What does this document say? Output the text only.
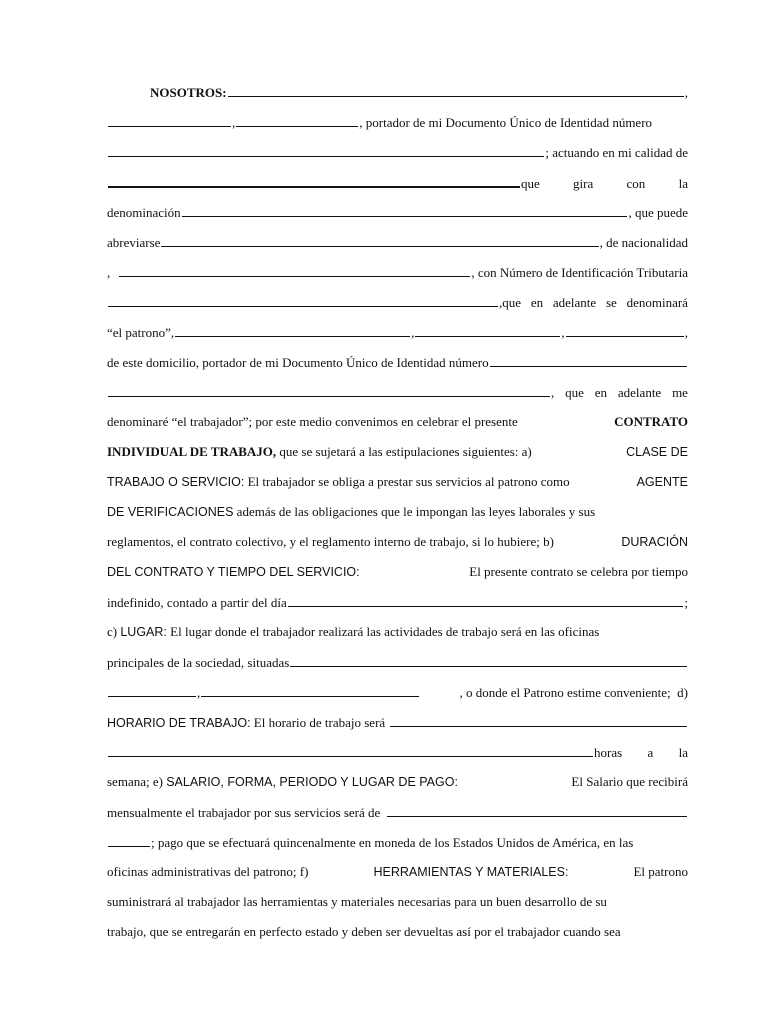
NOSOTROS:	,
,	, portador de mi Documento Único de Identidad número
; actuando en mi calidad de
que	gira	con	la
denominación	, que puede
abreviarse	, de nacionalidad
,	, con Número de Identificación Tributaria
,que en adelante se denominará
“el patrono”,	,	,	,
de este domicilio, portador de mi Documento Único de Identidad número
, que en adelante me
denominaré “el trabajador”; por este medio convenimos en celebrar el presente	CONTRATO
INDIVIDUAL DE TRABAJO, que se sujetará a las estipulaciones siguientes: a)	CLASE DE
TRABAJO O SERVICIO: El trabajador se obliga a prestar sus servicios al patrono como	AGENTE
DE VERIFICACIONES además de las obligaciones que le impongan las leyes laborales y sus
reglamentos, el contrato colectivo, y el reglamento interno de trabajo, si lo hubiere; b)	DURACIÓN
DEL CONTRATO Y TIEMPO DEL SERVICIO:	El presente contrato se celebra por tiempo
indefinido, contado a partir del día	;
c) LUGAR: El lugar donde el trabajador realizará las actividades de trabajo será en las oficinas
principales de la sociedad, situadas
,	, o donde el Patrono estime conveniente;  d)
HORARIO DE TRABAJO: El horario de trabajo será
horas a la
semana; e) SALARIO, FORMA, PERIODO Y LUGAR DE PAGO:	El Salario que recibirá
mensualmente el trabajador por sus servicios será de
; pago que se efectuará quincenalmente en moneda de los Estados Unidos de América, en las
oficinas administrativas del patrono; f)	HERRAMIENTAS Y MATERIALES:	El patrono
suministrará al trabajador las herramientas y materiales necesarias para un buen desarrollo de su
trabajo, que se entregarán en perfecto estado y deben ser devueltas así por el trabajador cuando sea
